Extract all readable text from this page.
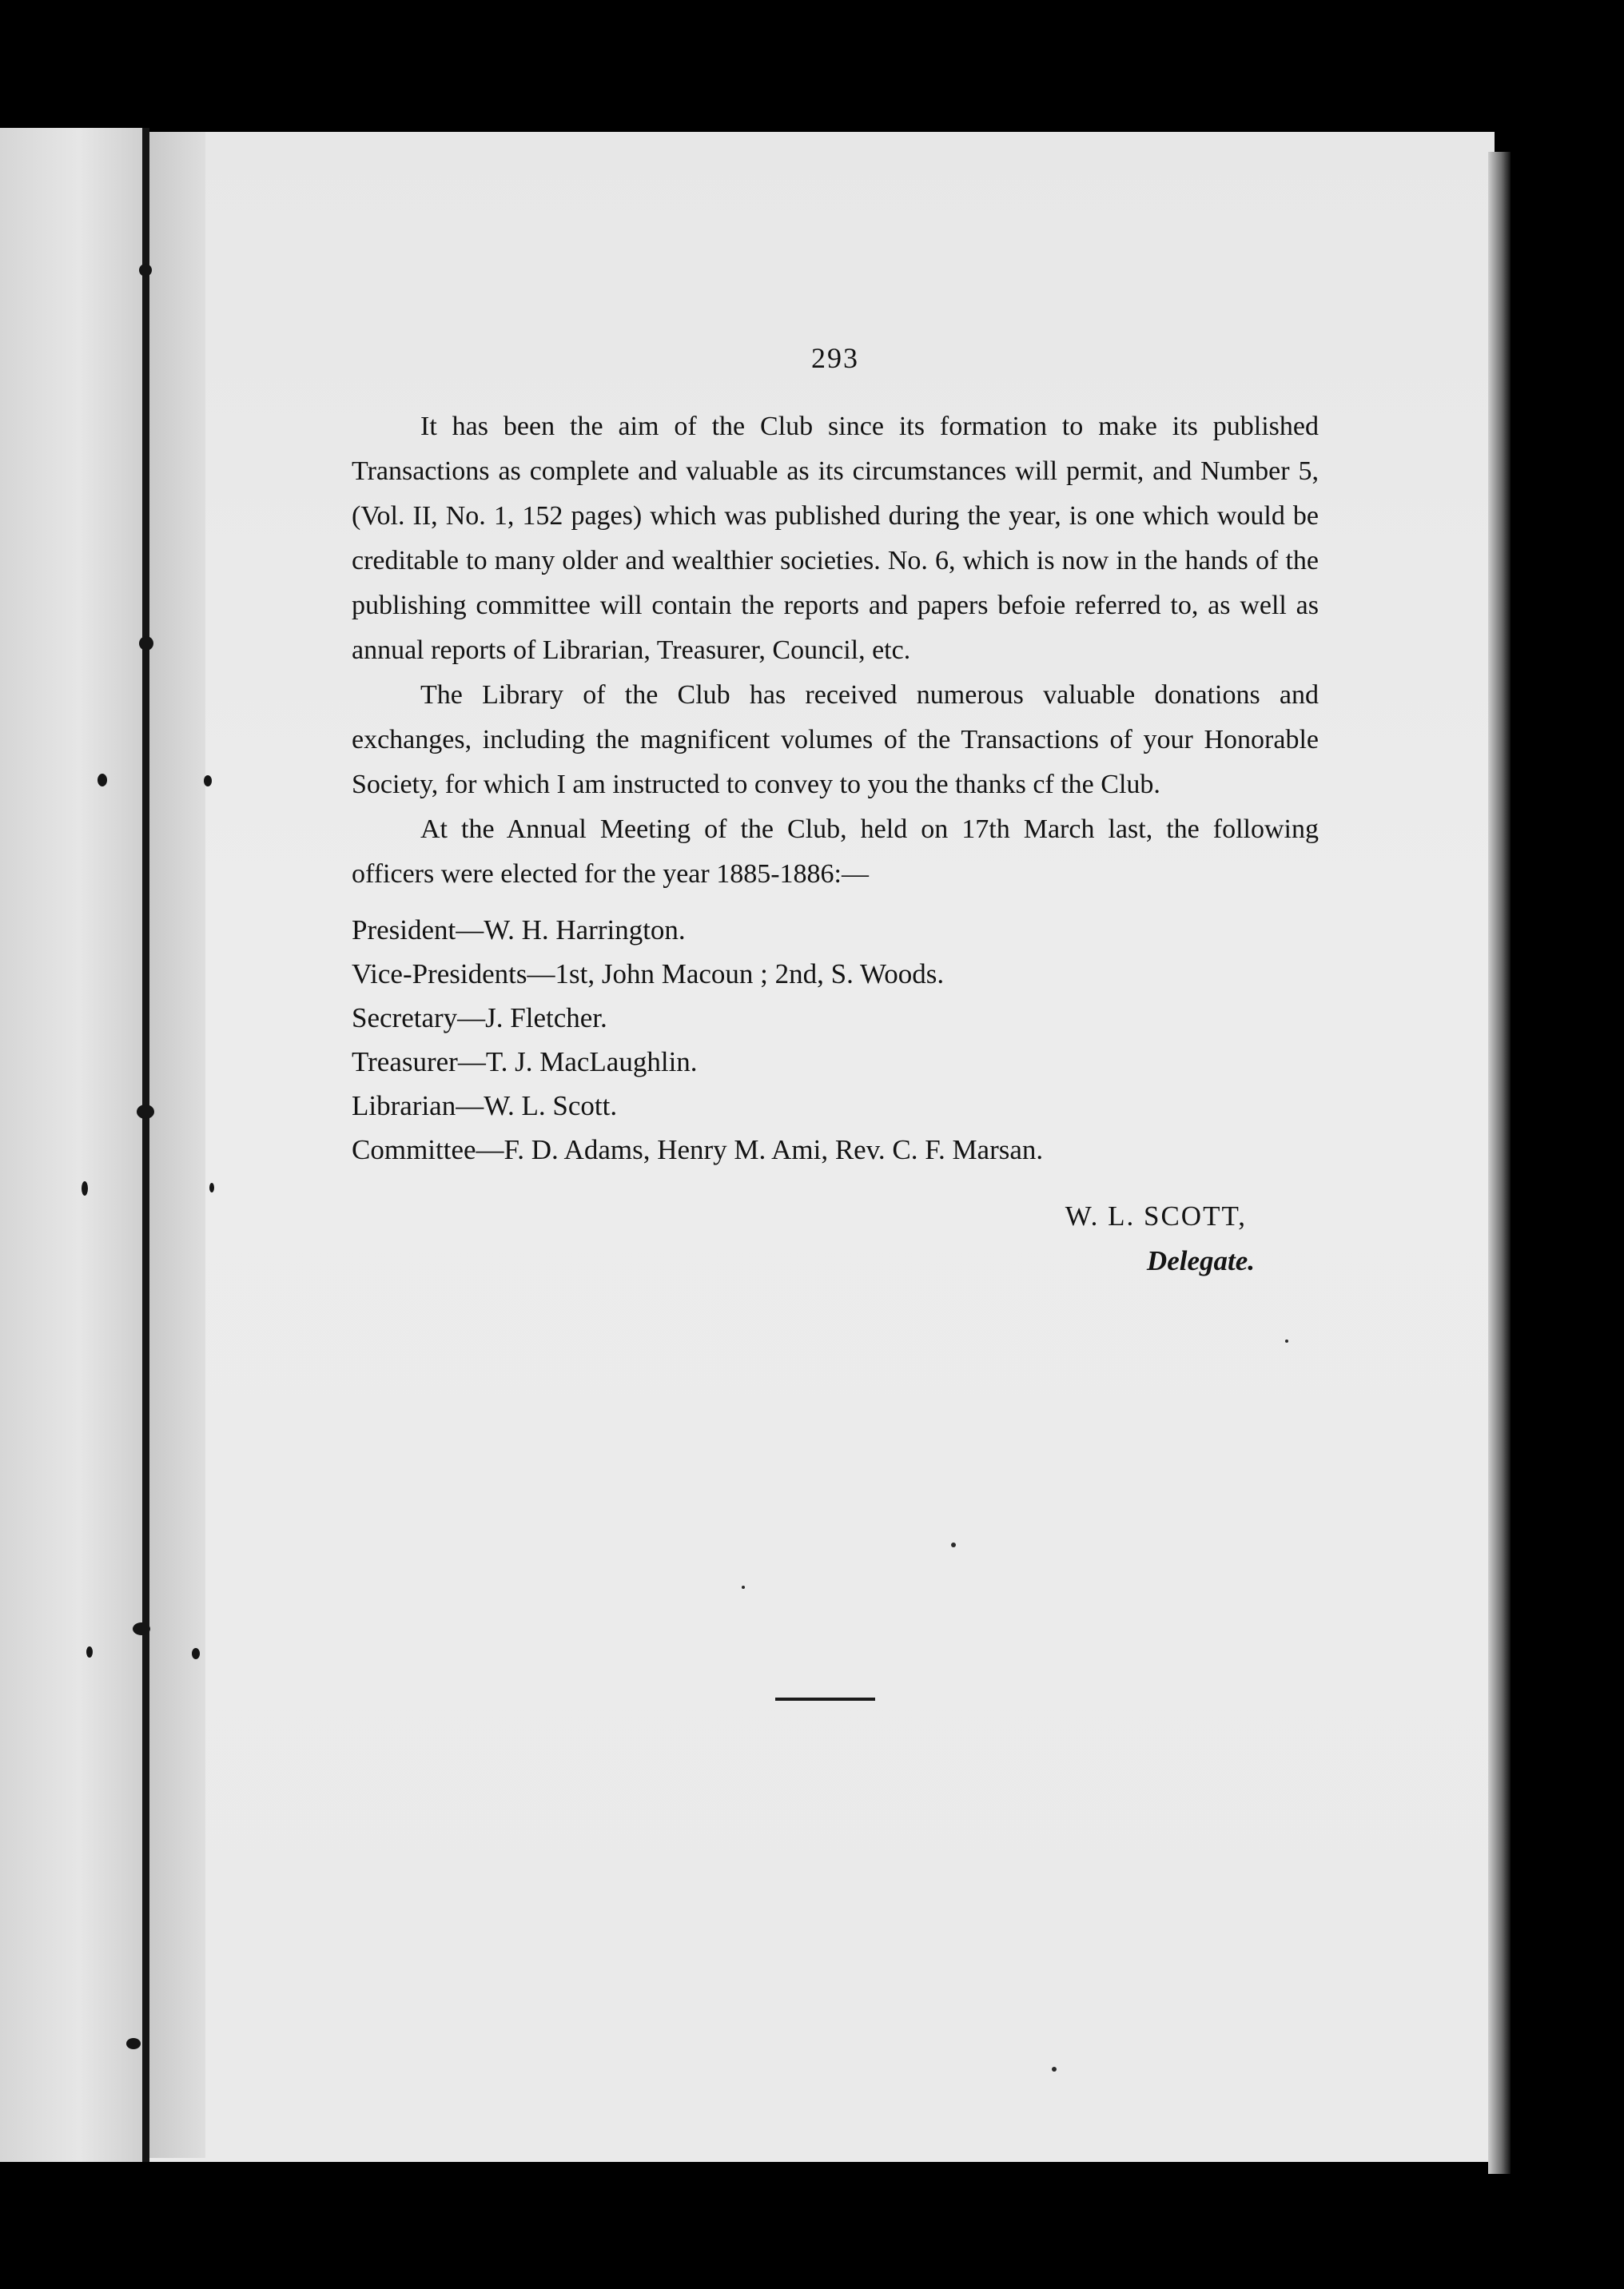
293

It has been the aim of the Club since its formation to make its published Transactions as complete and valuable as its circumstances will permit, and Number 5, (Vol. II, No. 1, 152 pages) which was published during the year, is one which would be creditable to many older and wealthier societies. No. 6, which is now in the hands of the publishing committee will contain the reports and papers befoie referred to, as well as annual reports of Librarian, Treasurer, Council, etc.

The Library of the Club has received numerous valuable donations and exchanges, including the magnificent volumes of the Transactions of your Honorable Society, for which I am instructed to convey to you the thanks cf the Club.

At the Annual Meeting of the Club, held on 17th March last, the following officers were elected for the year 1885-1886:—

President—W. H. Harrington.
Vice-Presidents—1st, John Macoun ; 2nd, S. Woods.
Secretary—J. Fletcher.
Treasurer—T. J. MacLaughlin.
Librarian—W. L. Scott.
Committee—F. D. Adams, Henry M. Ami, Rev. C. F. Marsan.
W. L. SCOTT,
Delegate.
